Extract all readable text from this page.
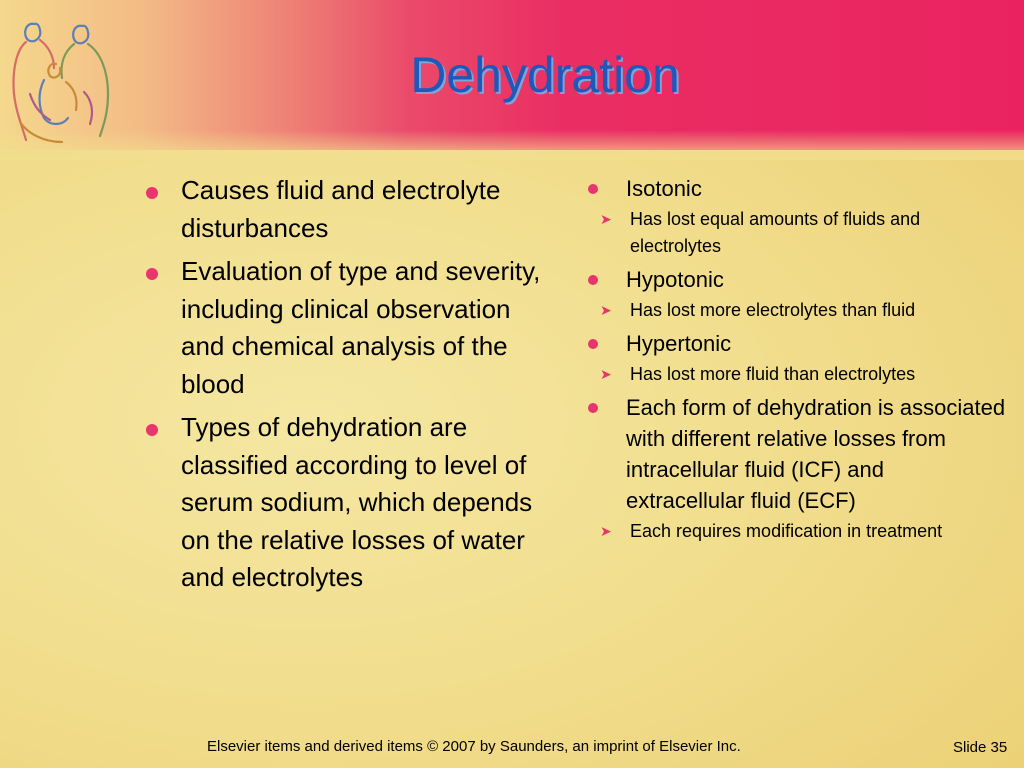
Dehydration
Causes fluid and electrolyte disturbances
Evaluation of type and severity, including clinical observation and chemical analysis of the blood
Types of dehydration are classified according to level of serum sodium, which depends on the relative losses of water and electrolytes
Isotonic
➤ Has lost equal amounts of fluids and electrolytes
Hypotonic
➤ Has lost more electrolytes than fluid
Hypertonic
➤ Has lost more fluid than electrolytes
Each form of dehydration is associated with different relative losses from intracellular fluid (ICF) and extracellular fluid (ECF)
➤ Each requires modification in treatment
Elsevier items and derived items © 2007 by Saunders, an imprint of Elsevier Inc.	Slide 35
